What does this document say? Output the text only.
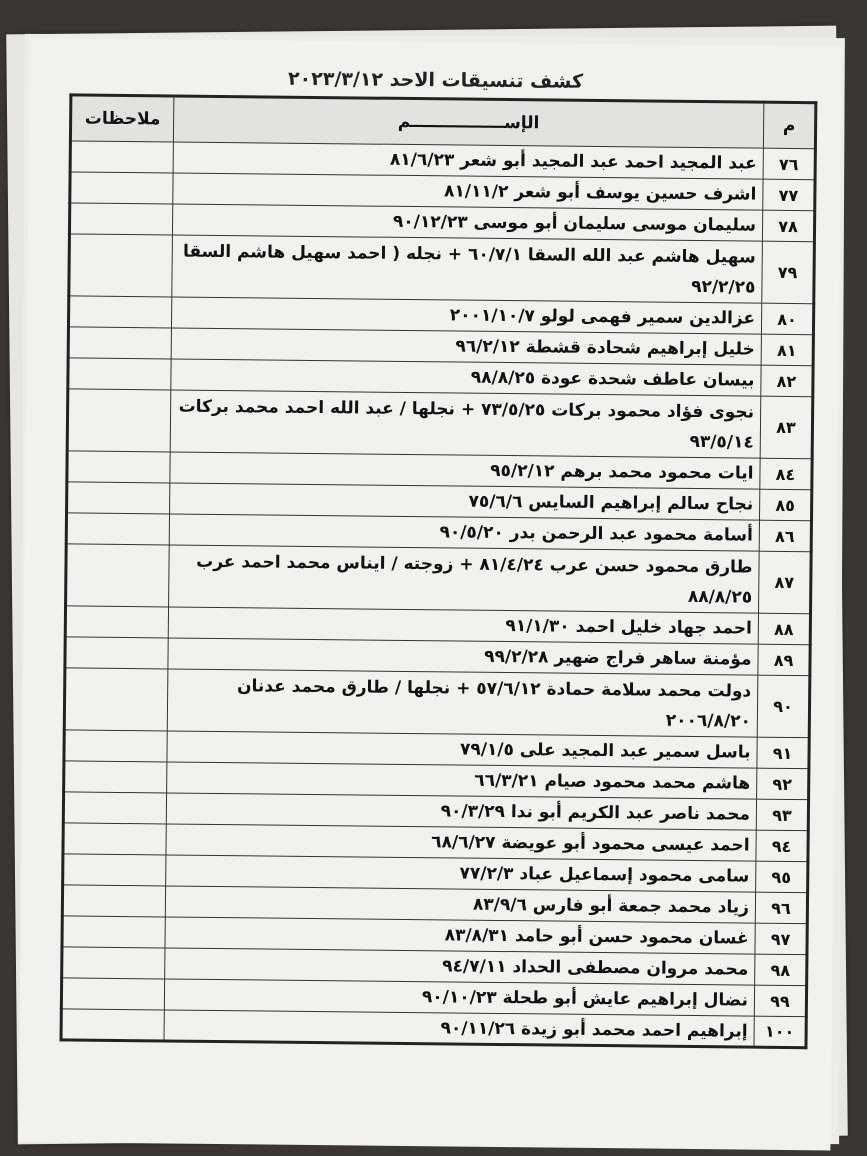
كشف تنسيقات الاحد ٢٠٢٣/٣/١٢
م	الإســــــــــــــــم	ملاحظات
٧٦	عبد المجيد احمد عبد المجيد أبو شعر ٨١/٦/٢٣	
٧٧	اشرف حسين يوسف أبو شعر ٨١/١١/٢	
٧٨	سليمان موسى سليمان أبو موسى ٩٠/١٢/٢٣	
٧٩	سهيل هاشم عبد الله السقا ٦٠/٧/١ + نجله ( احمد سهيل هاشم السقا ٩٢/٢/٢٥	
٨٠	عزالدين سمير فهمى لولو ٢٠٠١/١٠/٧	
٨١	خليل إبراهيم شحادة قشطة ٩٦/٢/١٢	
٨٢	بيسان عاطف شحدة عودة ٩٨/٨/٢٥	
٨٣	نجوى فؤاد محمود بركات ٧٣/٥/٢٥ + نجلها / عبد الله احمد محمد بركات ٩٣/٥/١٤	
٨٤	ايات محمود محمد برهم ٩٥/٢/١٢	
٨٥	نجاح سالم إبراهيم السايس ٧٥/٦/٦	
٨٦	أسامة محمود عبد الرحمن بدر ٩٠/٥/٢٠	
٨٧	طارق محمود حسن عرب ٨١/٤/٢٤ + زوجته / ايناس محمد احمد عرب ٨٨/٨/٢٥	
٨٨	احمد جهاد خليل احمد ٩١/١/٣٠	
٨٩	مؤمنة ساهر فراج ضهير ٩٩/٢/٢٨	
٩٠	دولت محمد سلامة حمادة ٥٧/٦/١٢ + نجلها / طارق محمد عدنان ٢٠٠٦/٨/٢٠	
٩١	باسل سمير عبد المجيد على ٧٩/١/٥	
٩٢	هاشم محمد محمود صيام ٦٦/٣/٢١	
٩٣	محمد ناصر عبد الكريم أبو ندا ٩٠/٣/٢٩	
٩٤	احمد عيسى محمود أبو عويضة ٦٨/٦/٢٧	
٩٥	سامى محمود إسماعيل عباد ٧٧/٢/٣	
٩٦	زياد محمد جمعة أبو فارس ٨٣/٩/٦	
٩٧	غسان محمود حسن أبو حامد ٨٣/٨/٣١	
٩٨	محمد مروان مصطفى الحداد ٩٤/٧/١١	
٩٩	نضال إبراهيم عايش أبو طحلة ٩٠/١٠/٢٣	
١٠٠	إبراهيم احمد محمد أبو زيدة ٩٠/١١/٢٦	
